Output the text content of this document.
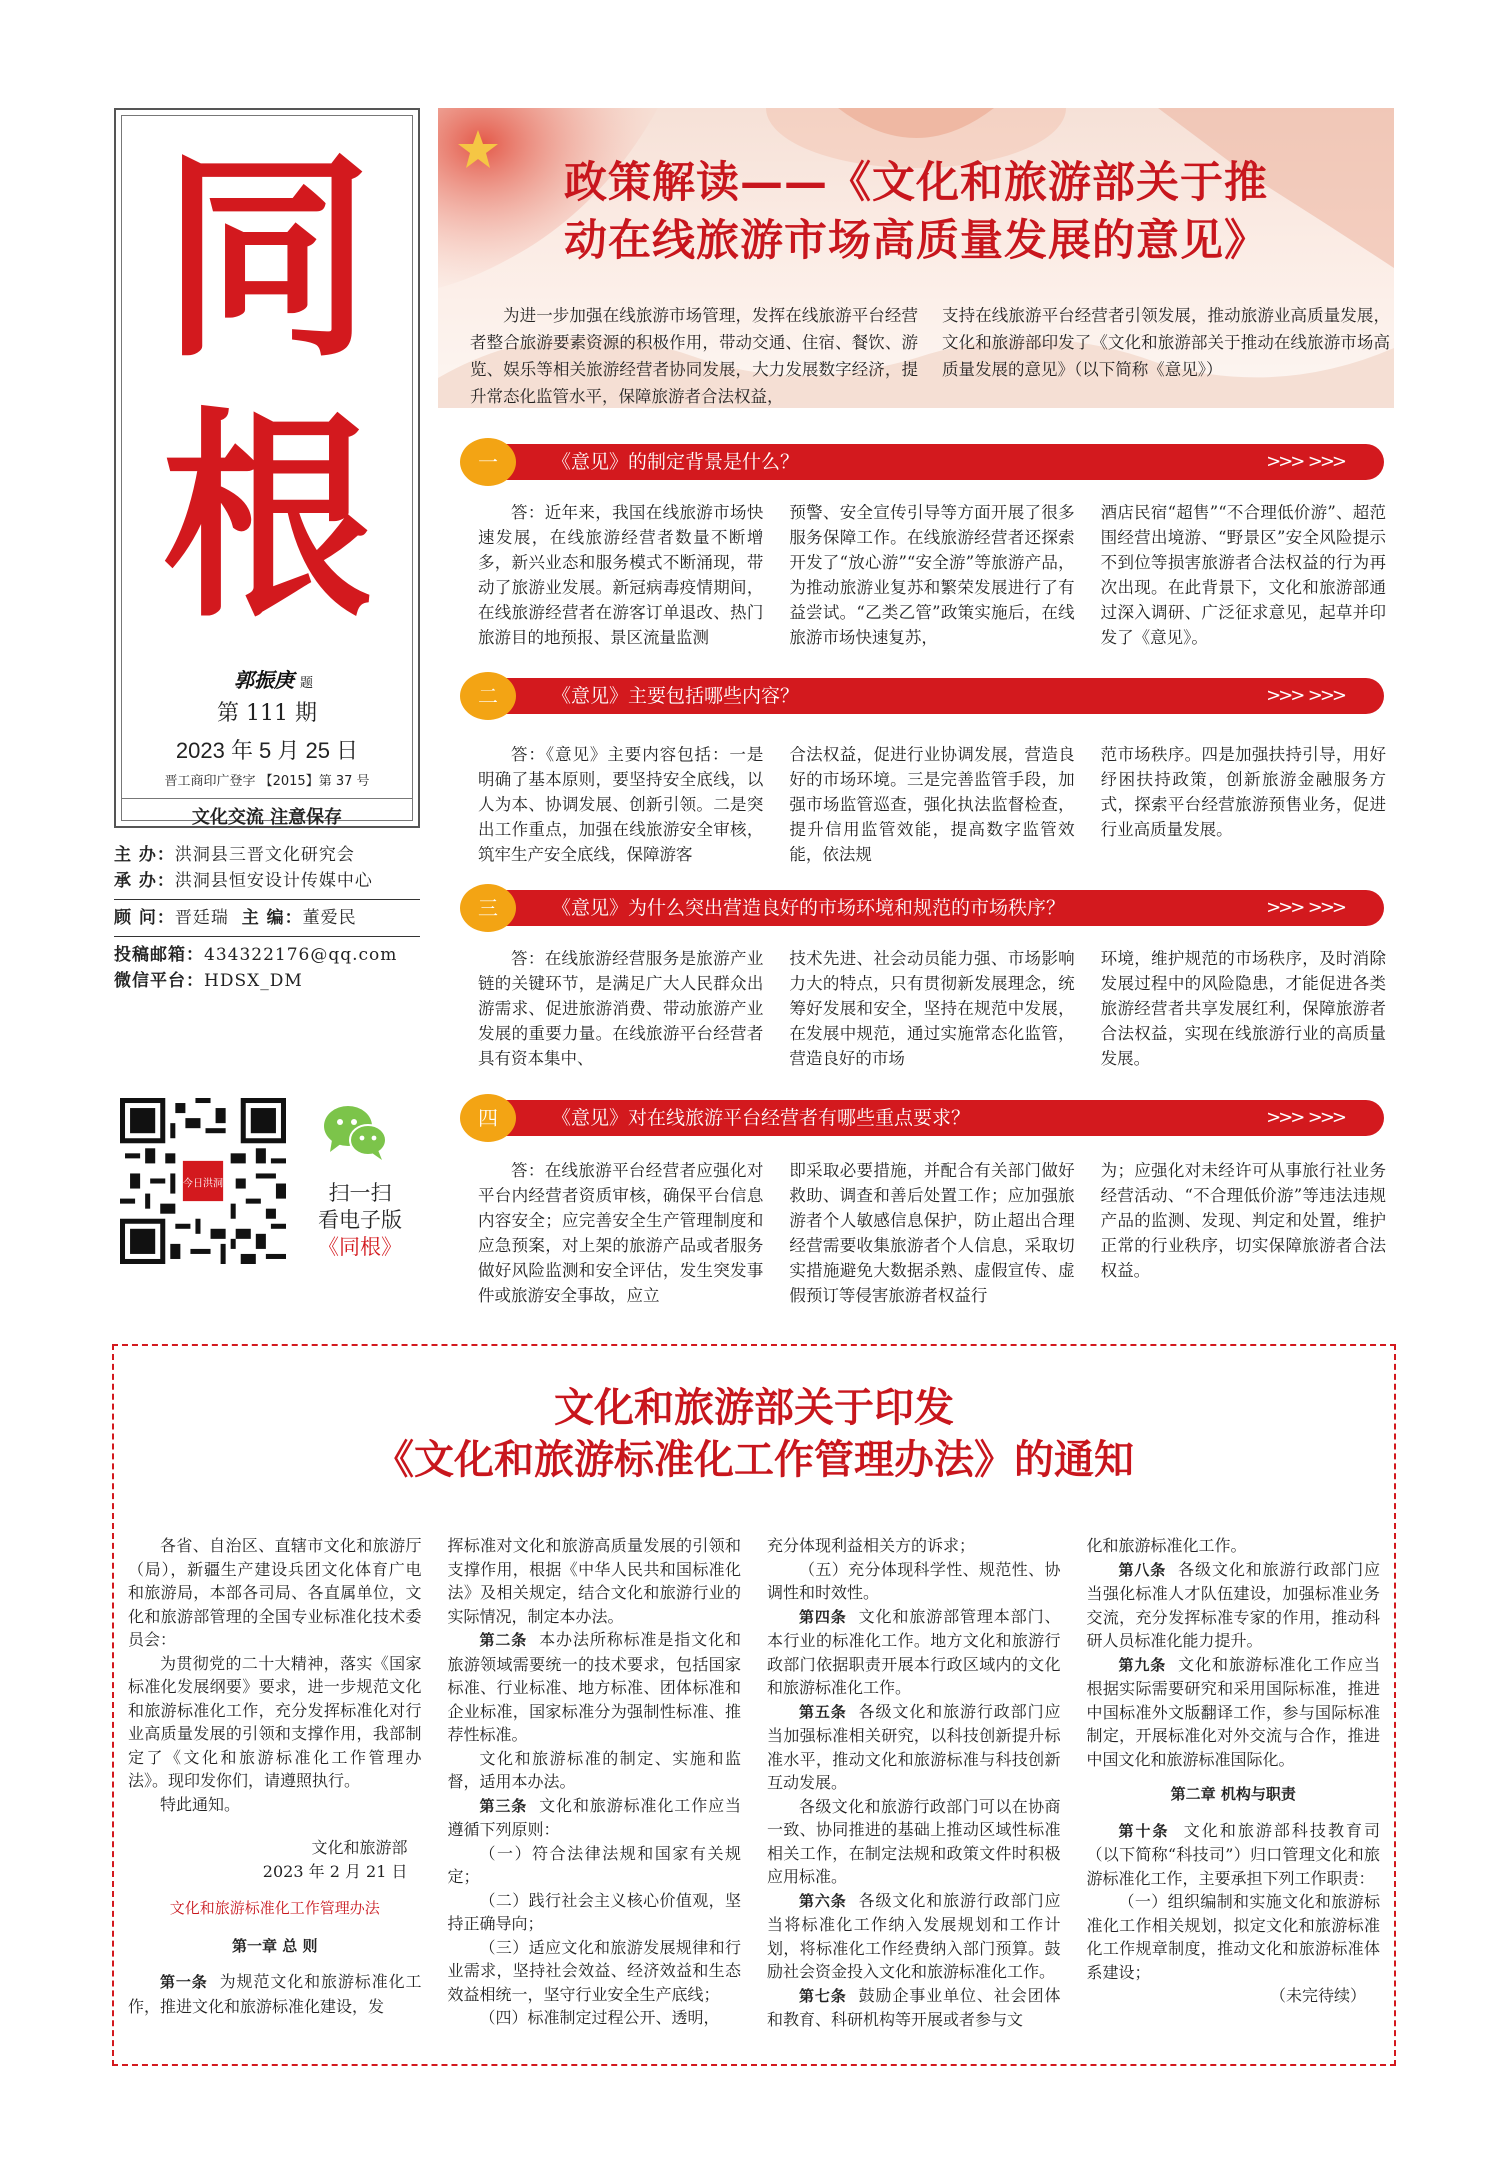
同
根
郭振庚 题
第 111 期
2023 年 5 月 25 日
晋工商印广登字 【2015】第 37 号
文化交流 注意保存
主 办：洪洞县三晋文化研究会
承 办：洪洞县恒安设计传媒中心
顾 问：晋廷瑞 主 编：董爱民
投稿邮箱：434322176@qq.com
微信平台：HDSX_DM
今日洪洞	扫一扫
看电子版
《同根》
政策解读——《文化和旅游部关于推
动在线旅游市场高质量发展的意见》

为进一步加强在线旅游市场管理，发挥在线旅游平台经营者整合旅游要素资源的积极作用，带动交通、住宿、餐饮、游览、娱乐等相关旅游经营者协同发展，大力发展数字经济，提升常态化监管水平，保障旅游者合法权益，

支持在线旅游平台经营者引领发展，推动旅游业高质量发展，文化和旅游部印发了《文化和旅游部关于推动在线旅游市场高质量发展的意见》（以下简称《意见》）

一	《意见》的制定背景是什么？	>>>  >>>

答：近年来，我国在线旅游市场快速发展，在线旅游经营者数量不断增多，新兴业态和服务模式不断涌现，带动了旅游业发展。新冠病毒疫情期间，在线旅游经营者在游客订单退改、热门旅游目的地预报、景区流量监测

预警、安全宣传引导等方面开展了很多服务保障工作。在线旅游经营者还探索开发了“放心游”“安全游”等旅游产品，为推动旅游业复苏和繁荣发展进行了有益尝试。“乙类乙管”政策实施后，在线旅游市场快速复苏，

酒店民宿“超售”“不合理低价游”、超范围经营出境游、“野景区”安全风险提示不到位等损害旅游者合法权益的行为再次出现。在此背景下，文化和旅游部通过深入调研、广泛征求意见，起草并印发了《意见》。

二	《意见》主要包括哪些内容？	>>>  >>>

答：《意见》主要内容包括：一是明确了基本原则，要坚持安全底线，以人为本、协调发展、创新引领。二是突出工作重点，加强在线旅游安全审核，筑牢生产安全底线，保障游客

合法权益，促进行业协调发展，营造良好的市场环境。三是完善监管手段，加强市场监管巡查，强化执法监督检查，提升信用监管效能，提高数字监管效能，依法规

范市场秩序。四是加强扶持引导，用好纾困扶持政策，创新旅游金融服务方式，探索平台经营旅游预售业务，促进行业高质量发展。

三	《意见》为什么突出营造良好的市场环境和规范的市场秩序？	>>>  >>>

答：在线旅游经营服务是旅游产业链的关键环节，是满足广大人民群众出游需求、促进旅游消费、带动旅游产业发展的重要力量。在线旅游平台经营者具有资本集中、

技术先进、社会动员能力强、市场影响力大的特点，只有贯彻新发展理念，统筹好发展和安全，坚持在规范中发展，在发展中规范，通过实施常态化监管，营造良好的市场

环境，维护规范的市场秩序，及时消除发展过程中的风险隐患，才能促进各类旅游经营者共享发展红利，保障旅游者合法权益，实现在线旅游行业的高质量发展。

四	《意见》对在线旅游平台经营者有哪些重点要求？	>>>  >>>

答：在线旅游平台经营者应强化对平台内经营者资质审核，确保平台信息内容安全；应完善安全生产管理制度和应急预案，对上架的旅游产品或者服务做好风险监测和安全评估，发生突发事件或旅游安全事故，应立

即采取必要措施，并配合有关部门做好救助、调查和善后处置工作；应加强旅游者个人敏感信息保护，防止超出合理经营需要收集旅游者个人信息，采取切实措施避免大数据杀熟、虚假宣传、虚假预订等侵害旅游者权益行

为；应强化对未经许可从事旅行社业务经营活动、“不合理低价游”等违法违规产品的监测、发现、判定和处置，维护正常的行业秩序，切实保障旅游者合法权益。

文化和旅游部关于印发
《文化和旅游标准化工作管理办法》的通知

各省、自治区、直辖市文化和旅游厅（局），新疆生产建设兵团文化体育广电和旅游局，本部各司局、各直属单位，文化和旅游部管理的全国专业标准化技术委员会：

为贯彻党的二十大精神，落实《国家标准化发展纲要》要求，进一步规范文化和旅游标准化工作，充分发挥标准化对行业高质量发展的引领和支撑作用，我部制定了《文化和旅游标准化工作管理办法》。现印发你们，请遵照执行。

特此通知。

文化和旅游部

2023 年 2 月 21 日

文化和旅游标准化工作管理办法

第一章 总 则

第一条 为规范文化和旅游标准化工作，推进文化和旅游标准化建设，发

挥标准对文化和旅游高质量发展的引领和支撑作用，根据《中华人民共和国标准化法》及相关规定，结合文化和旅游行业的实际情况，制定本办法。

第二条 本办法所称标准是指文化和旅游领域需要统一的技术要求，包括国家标准、行业标准、地方标准、团体标准和企业标准，国家标准分为强制性标准、推荐性标准。

文化和旅游标准的制定、实施和监督，适用本办法。

第三条 文化和旅游标准化工作应当遵循下列原则：

（一）符合法律法规和国家有关规定；

（二）践行社会主义核心价值观，坚持正确导向；

（三）适应文化和旅游发展规律和行业需求，坚持社会效益、经济效益和生态效益相统一，坚守行业安全生产底线；

（四）标准制定过程公开、透明，

充分体现利益相关方的诉求；

（五）充分体现科学性、规范性、协调性和时效性。

第四条 文化和旅游部管理本部门、本行业的标准化工作。地方文化和旅游行政部门依据职责开展本行政区域内的文化和旅游标准化工作。

第五条 各级文化和旅游行政部门应当加强标准相关研究，以科技创新提升标准水平，推动文化和旅游标准与科技创新互动发展。

各级文化和旅游行政部门可以在协商一致、协同推进的基础上推动区域性标准相关工作，在制定法规和政策文件时积极应用标准。

第六条 各级文化和旅游行政部门应当将标准化工作纳入发展规划和工作计划，将标准化工作经费纳入部门预算。鼓励社会资金投入文化和旅游标准化工作。

第七条 鼓励企事业单位、社会团体和教育、科研机构等开展或者参与文

化和旅游标准化工作。

第八条 各级文化和旅游行政部门应当强化标准人才队伍建设，加强标准业务交流，充分发挥标准专家的作用，推动科研人员标准化能力提升。

第九条 文化和旅游标准化工作应当根据实际需要研究和采用国际标准，推进中国标准外文版翻译工作，参与国际标准制定，开展标准化对外交流与合作，推进中国文化和旅游标准国际化。

第二章 机构与职责

第十条 文化和旅游部科技教育司（以下简称“科技司”）归口管理文化和旅游标准化工作，主要承担下列工作职责：

（一）组织编制和实施文化和旅游标准化工作相关规划，拟定文化和旅游标准化工作规章制度，推动文化和旅游标准体系建设；

（未完待续）
